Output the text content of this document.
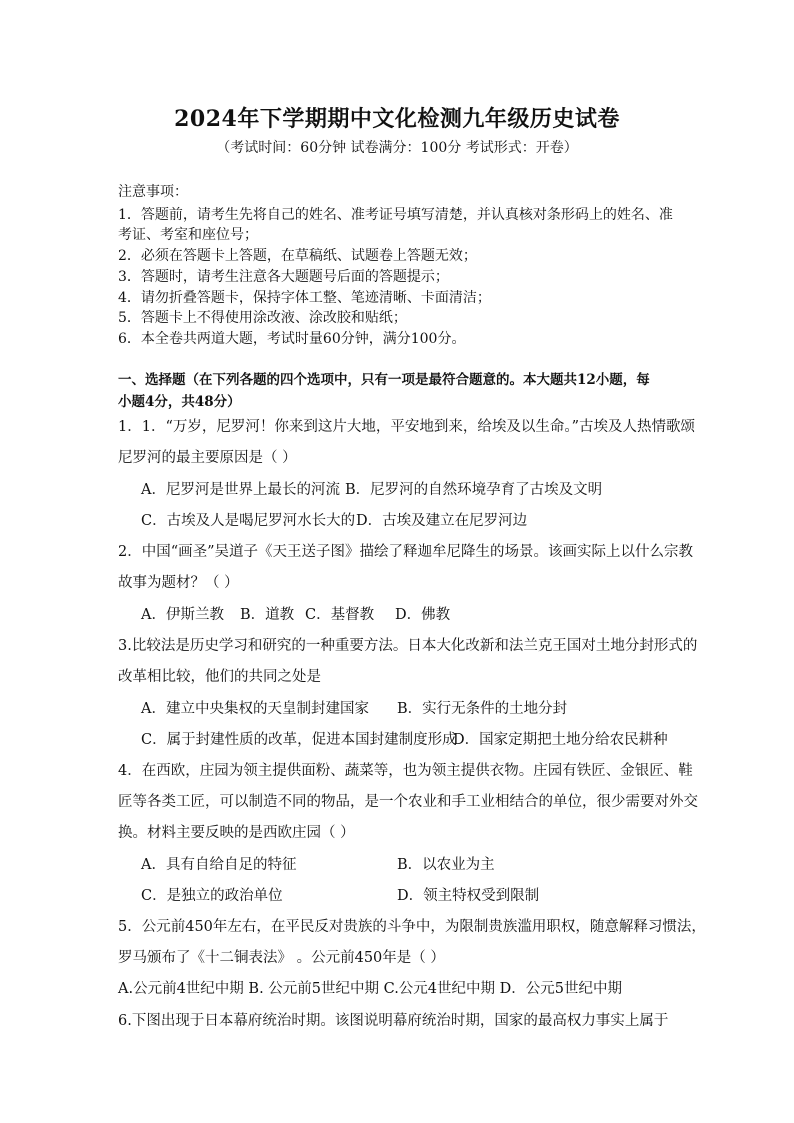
2024年下学期期中文化检测九年级历史试卷
（考试时间：60分钟 试卷满分：100分 考试形式：开卷）
注意事项：
1．答题前，请考生先将自己的姓名、准考证号填写清楚，并认真核对条形码上的姓名、准
考证、考室和座位号；
2．必须在答题卡上答题，在草稿纸、试题卷上答题无效；
3．答题时，请考生注意各大题题号后面的答题提示；
4．请勿折叠答题卡，保持字体工整、笔迹清晰、卡面清洁；
5．答题卡上不得使用涂改液、涂改胶和贴纸；
6．本全卷共两道大题，考试时量60分钟，满分100分。
一、选择题（在下列各题的四个选项中，只有一项是最符合题意的。本大题共12小题，每
小题4分，共48分）
1．1．“万岁，尼罗河！你来到这片大地，平安地到来，给埃及以生命。”古埃及人热情歌颂
尼罗河的最主要原因是（ ）
A．尼罗河是世界上最长的河流 B．尼罗河的自然环境孕育了古埃及文明
C．古埃及人是喝尼罗河水长大的 D．古埃及建立在尼罗河边
2．中国“画圣”吴道子《天王送子图》描绘了释迦牟尼降生的场景。该画实际上以什么宗教
故事为题材？（ ）
A．伊斯兰教 B．道教 C．基督教 D．佛教
3.比较法是历史学习和研究的一种重要方法。日本大化改新和法兰克王国对土地分封形式的
改革相比较，他们的共同之处是
A．建立中央集权的天皇制封建国家 B．实行无条件的土地分封
C．属于封建性质的改革，促进本国封建制度形成
D．国家定期把土地分给农民耕种
4．在西欧，庄园为领主提供面粉、蔬菜等，也为领主提供衣物。庄园有铁匠、金银匠、鞋
匠等各类工匠，可以制造不同的物品，是一个农业和手工业相结合的单位，很少需要对外交
换。材料主要反映的是西欧庄园（ ）
A．具有自给自足的特征	B．以农业为主
C．是独立的政治单位	D．领主特权受到限制
5．公元前450年左右，在平民反对贵族的斗争中，为限制贵族滥用职权，随意解释习惯法，
罗马颁布了《十二铜表法》 。公元前450年是（ ）
A.公元前4世纪中期 B. 公元前5世纪中期 C.公元4世纪中期 D．公元5世纪中期
6.下图出现于日本幕府统治时期。该图说明幕府统治时期，国家的最高权力事实上属于
